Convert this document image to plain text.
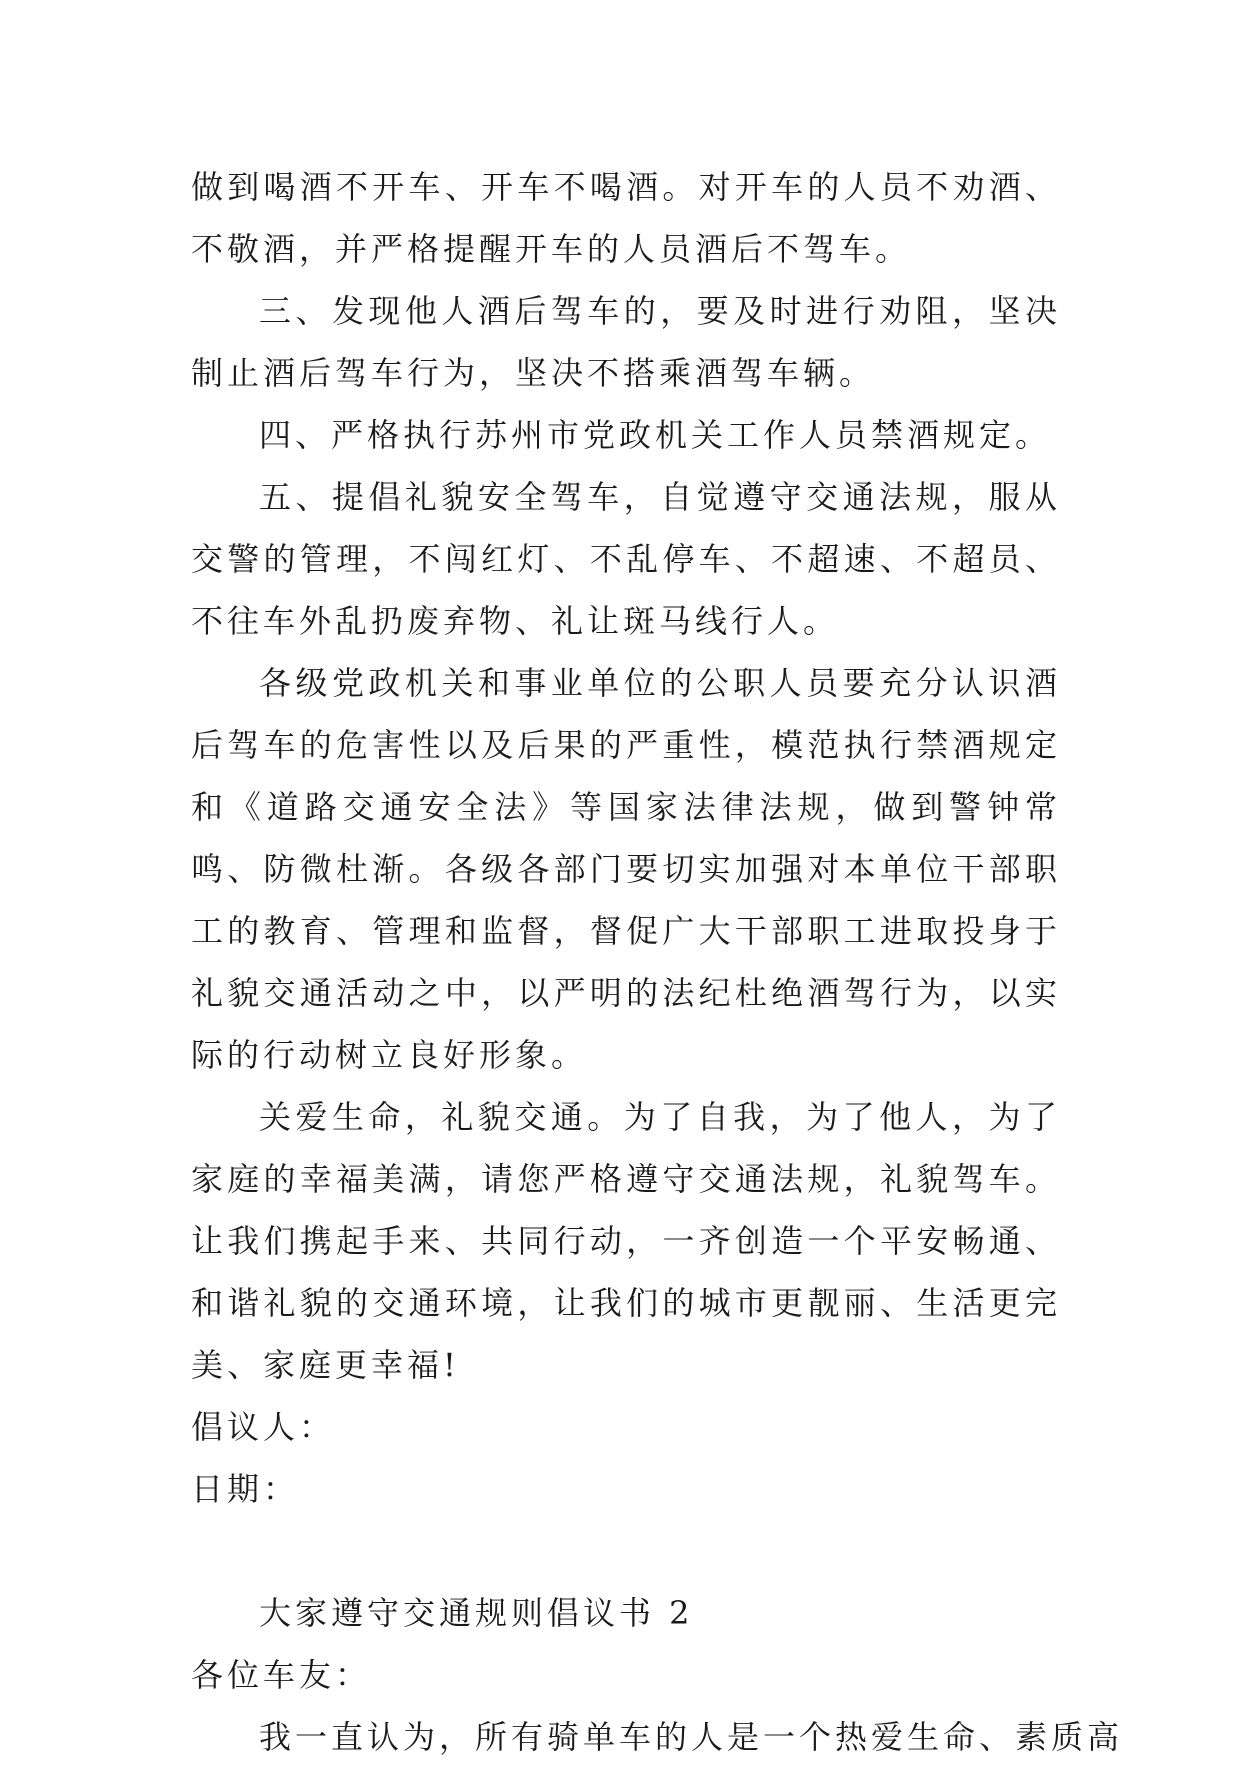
做到喝酒不开车、开车不喝酒。对开车的人员不劝酒、不敬酒，并严格提醒开车的人员酒后不驾车。

三、发现他人酒后驾车的，要及时进行劝阻，坚决制止酒后驾车行为，坚决不搭乘酒驾车辆。

四、严格执行苏州市党政机关工作人员禁酒规定。

五、提倡礼貌安全驾车，自觉遵守交通法规，服从交警的管理，不闯红灯、不乱停车、不超速、不超员、不往车外乱扔废弃物、礼让斑马线行人。

各级党政机关和事业单位的公职人员要充分认识酒后驾车的危害性以及后果的严重性，模范执行禁酒规定和《道路交通安全法》等国家法律法规，做到警钟常鸣、防微杜渐。各级各部门要切实加强对本单位干部职工的教育、管理和监督，督促广大干部职工进取投身于礼貌交通活动之中，以严明的法纪杜绝酒驾行为，以实际的行动树立良好形象。

关爱生命，礼貌交通。为了自我，为了他人，为了家庭的幸福美满，请您严格遵守交通法规，礼貌驾车。让我们携起手来、共同行动，一齐创造一个平安畅通、和谐礼貌的交通环境，让我们的城市更靓丽、生活更完美、家庭更幸福!

倡议人：

日期：

大家遵守交通规则倡议书 2

各位车友：

我一直认为，所有骑单车的人是一个热爱生命、素质高
